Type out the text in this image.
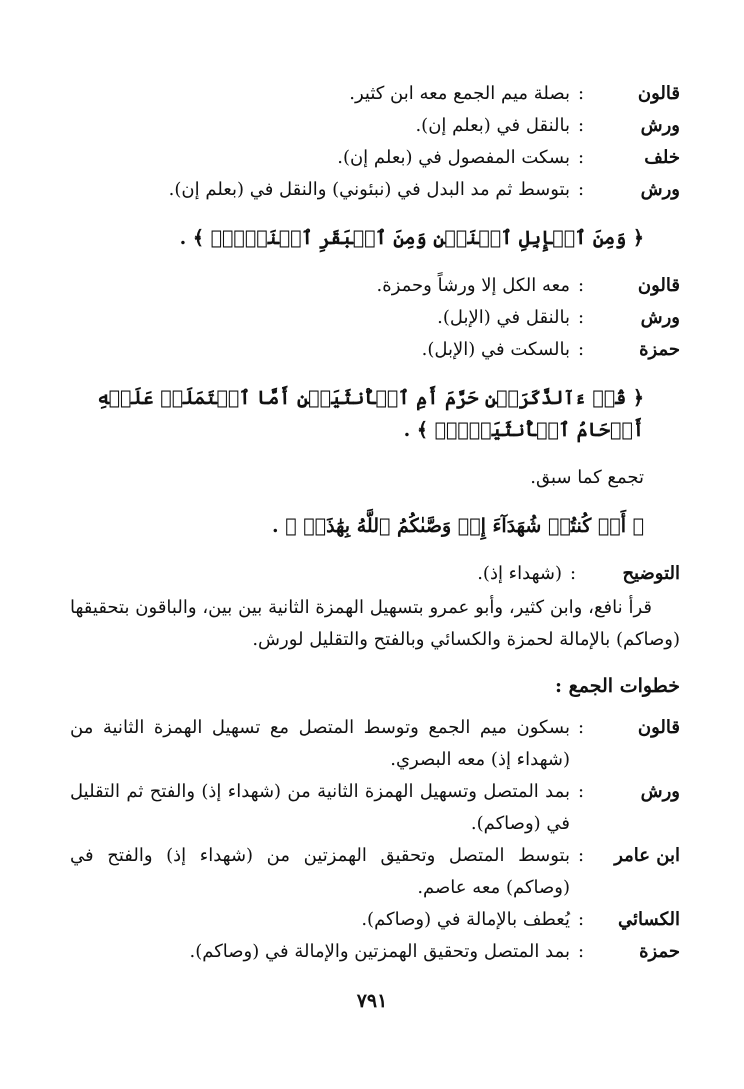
قالون
:
بصلة ميم الجمع معه ابن كثير.
ورش
:
بالنقل في (بعلم إن).
خلف
:
بسكت المفصول في (بعلم إن).
ورش
:
بتوسط ثم مد البدل في (نبئوني) والنقل في (بعلم إن).
﴿ وَمِنَ ٱلۡإِبِلِ ٱثۡنَيۡنِ وَمِنَ ٱلۡبَقَرِ ٱثۡنَيۡنِۗ ﴾ .
قالون
:
معه الكل إلا ورشاً وحمزة.
ورش
:
بالنقل في (الإبل).
حمزة
:
بالسكت في (الإبل).
﴿ قُلۡ ءَآلذَّكَرَيۡنِ حَرَّمَ أَمِ ٱلۡأُنثَيَيۡنِ أَمَّا ٱشۡتَمَلَتۡ عَلَيۡهِ أَرۡحَامُ ٱلۡأُنثَيَيۡنِۖ ﴾ .
تجمع كما سبق.
﴿ أَمۡ كُنتُمۡ شُهَدَآءَ إِذۡ وَصَّىٰكُمُ ٱللَّهُ بِهَٰذَاۚ ﴾ .
التوضيح
:
(شهداء إذ).
قرأ نافع، وابن كثير، وأبو عمرو بتسهيل الهمزة الثانية بين بين، والباقون بتحقيقها (وصاكم) بالإمالة لحمزة والكسائي وبالفتح والتقليل لورش.
خطوات الجمع :
قالون
:
بسكون ميم الجمع وتوسط المتصل مع تسهيل الهمزة الثانية من (شهداء إذ) معه البصري.
ورش
:
بمد المتصل وتسهيل الهمزة الثانية من (شهداء إذ) والفتح ثم التقليل في (وصاكم).
ابن عامر
:
بتوسط المتصل وتحقيق الهمزتين من (شهداء إذ) والفتح في (وصاكم) معه عاصم.
الكسائي
:
يُعطف بالإمالة في (وصاكم).
حمزة
:
بمد المتصل وتحقيق الهمزتين والإمالة في (وصاكم).
٧٩١
